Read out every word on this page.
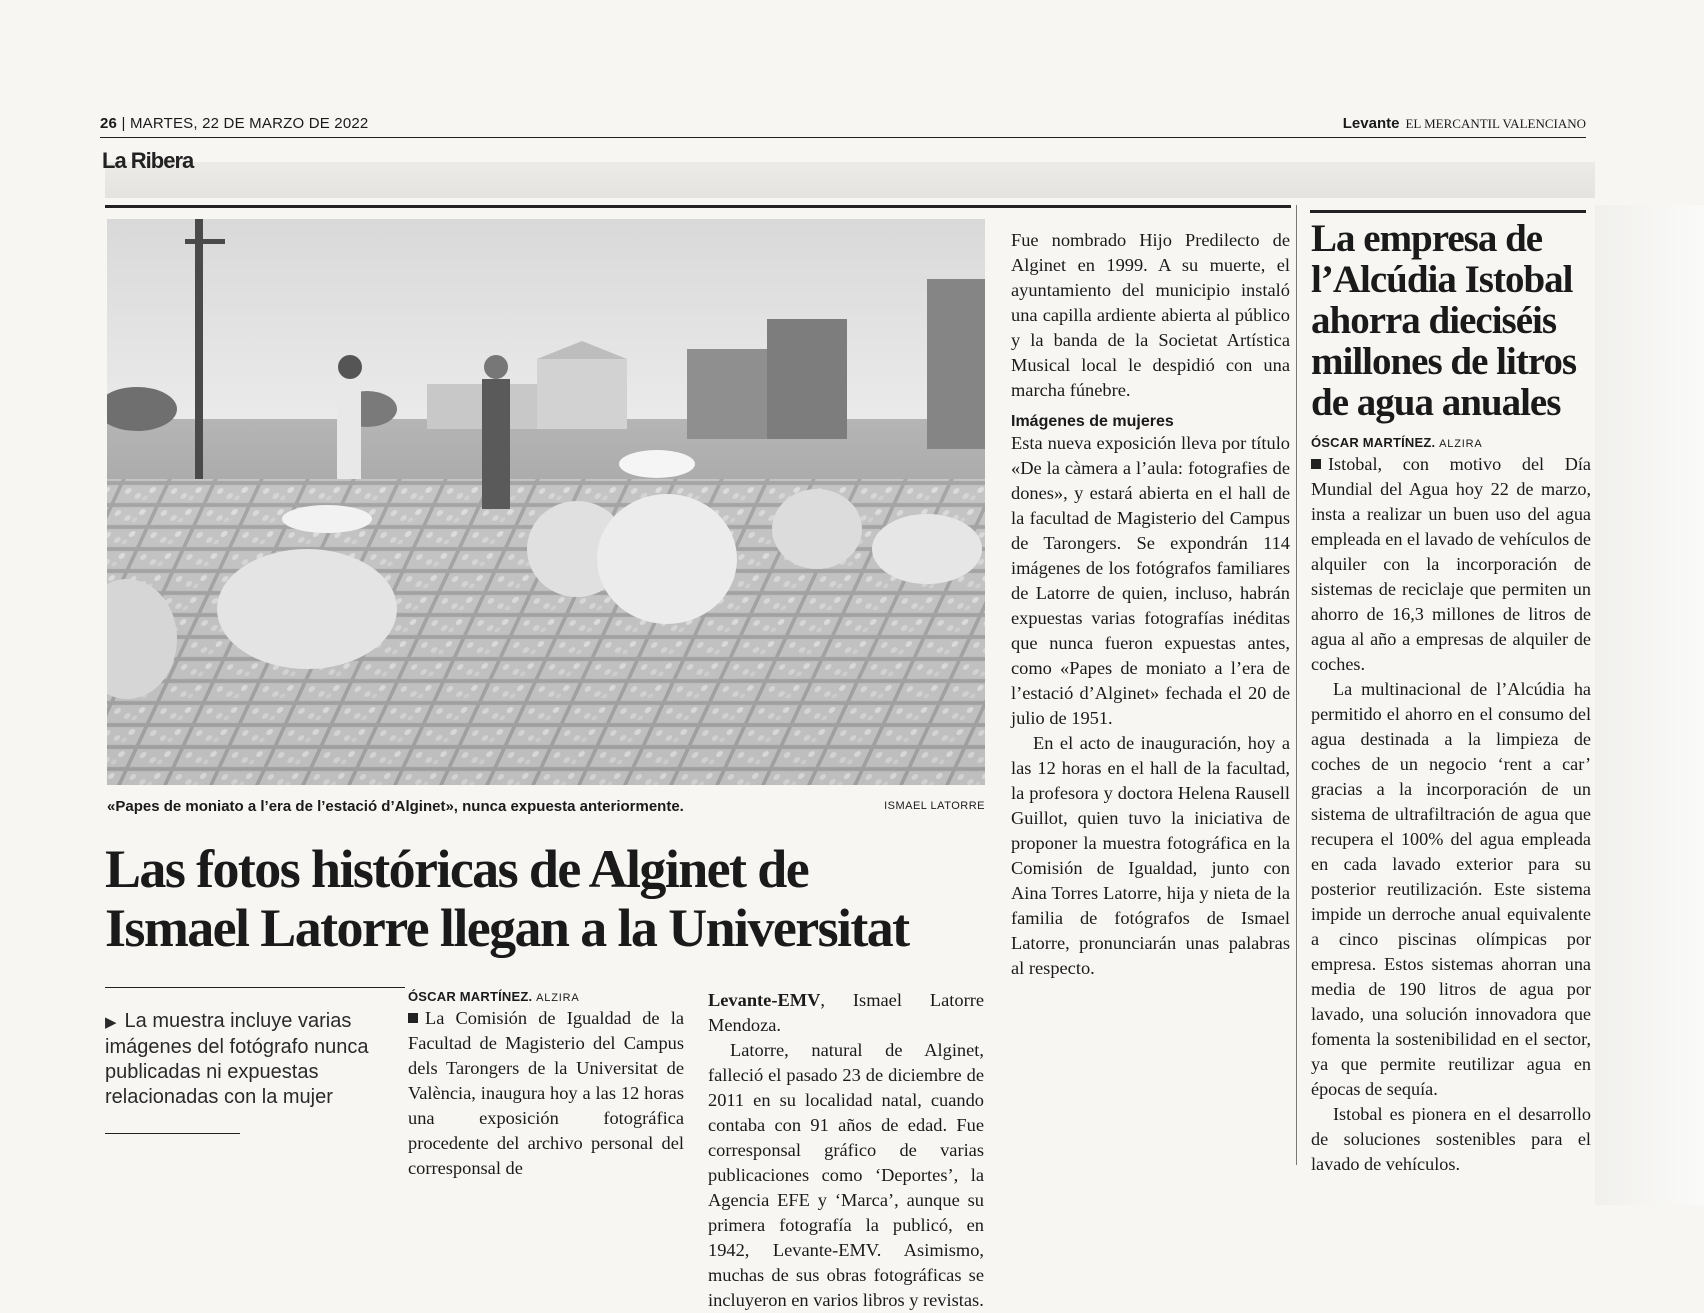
26 | MARTES, 22 DE MARZO DE 2022	Levante EL MERCANTIL VALENCIANO
La Ribera
«Papes de moniato a l’era de l’estació d’Alginet», nunca expuesta anteriormente.	ISMAEL LATORRE
Las fotos históricas de Alginet de
Ismael Latorre llegan a la Universitat
▶ La muestra incluye varias imágenes del fotógrafo nunca publicadas ni expuestas relacionadas con la mujer
ÓSCAR MARTÍNEZ. ALZIRA

La Comisión de Igualdad de la Facultad de Magisterio del Campus dels Tarongers de la Universitat de València, inaugura hoy a las 12 horas una exposición fotográfica procedente del archivo personal del corresponsal de

Levante-EMV, Ismael Latorre Mendoza.

Latorre, natural de Alginet, falleció el pasado 23 de diciembre de 2011 en su localidad natal, cuando contaba con 91 años de edad. Fue corresponsal gráfico de varias publicaciones como ‘Deportes’, la Agencia EFE y ‘Marca’, aunque su primera fotografía la publicó, en 1942, Levante-EMV. Asimismo, muchas de sus obras fotográficas se incluyeron en varios libros y revistas.

Fue nombrado Hijo Predilecto de Alginet en 1999. A su muerte, el ayuntamiento del municipio instaló una capilla ardiente abierta al público y la banda de la Societat Artística Musical local le despidió con una marcha fúnebre.

Imágenes de mujeres

Esta nueva exposición lleva por título «De la càmera a l’aula: fotografies de dones», y estará abierta en el hall de la facultad de Magisterio del Campus de Tarongers. Se expondrán 114 imágenes de los fotógrafos familiares de Latorre de quien, incluso, habrán expuestas varias fotografías inéditas que nunca fueron expuestas antes, como «Papes de moniato a l’era de l’estació d’Alginet» fechada el 20 de julio de 1951.

En el acto de inauguración, hoy a las 12 horas en el hall de la facultad, la profesora y doctora Helena Rausell Guillot, quien tuvo la iniciativa de proponer la muestra fotográfica en la Comisión de Igualdad, junto con Aina Torres Latorre, hija y nieta de la familia de fotógrafos de Ismael Latorre, pronunciarán unas palabras al respecto.

La empresa de l’Alcúdia Istobal ahorra dieciséis millones de litros de agua anuales
ÓSCAR MARTÍNEZ. ALZIRA

Istobal, con motivo del Día Mundial del Agua hoy 22 de marzo, insta a realizar un buen uso del agua empleada en el lavado de vehículos de alquiler con la incorporación de sistemas de reciclaje que permiten un ahorro de 16,3 millones de litros de agua al año a empresas de alquiler de coches.

La multinacional de l’Alcúdia ha permitido el ahorro en el consumo del agua destinada a la limpieza de coches de un negocio ‘rent a car’ gracias a la incorporación de un sistema de ultrafiltración de agua que recupera el 100% del agua empleada en cada lavado exterior para su posterior reutilización. Este sistema impide un derroche anual equivalente a cinco piscinas olímpicas por empresa. Estos sistemas ahorran una media de 190 litros de agua por lavado, una solución innovadora que fomenta la sostenibilidad en el sector, ya que permite reutilizar agua en épocas de sequía.

Istobal es pionera en el desarrollo de soluciones sostenibles para el lavado de vehículos.
